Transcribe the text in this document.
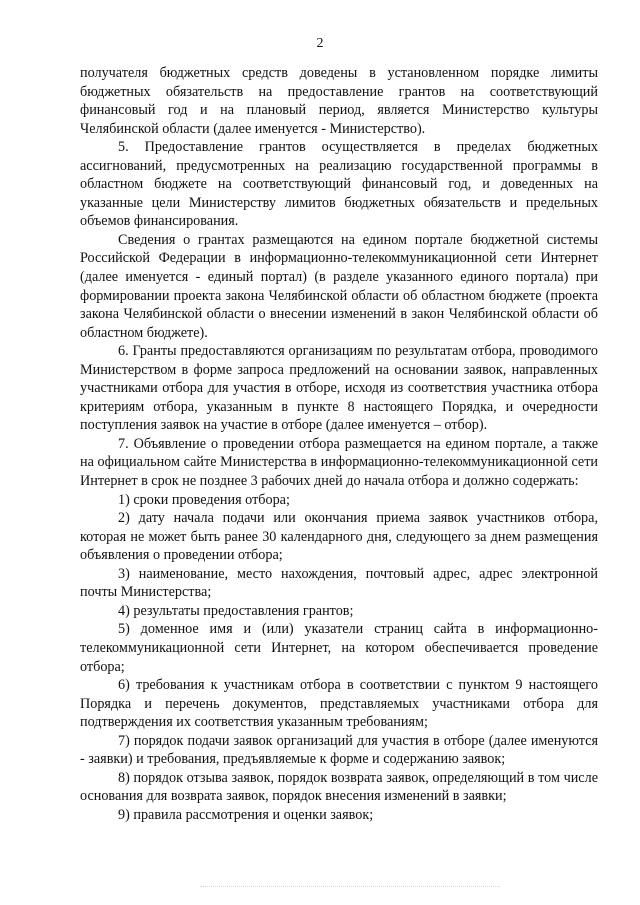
2

получателя бюджетных средств доведены в установленном порядке лимиты бюджетных обязательств на предоставление грантов на соответствующий финансовый год и на плановый период, является Министерство культуры Челябинской области (далее именуется - Министерство).

5. Предоставление грантов осуществляется в пределах бюджетных ассигнований, предусмотренных на реализацию государственной программы в областном бюджете на соответствующий финансовый год, и доведенных на указанные цели Министерству лимитов бюджетных обязательств и предельных объемов финансирования.

Сведения о грантах размещаются на едином портале бюджетной системы Российской Федерации в информационно-телекоммуникационной сети Интернет (далее именуется - единый портал) (в разделе указанного единого портала) при формировании проекта закона Челябинской области об областном бюджете (проекта закона Челябинской области о внесении изменений в закон Челябинской области об областном бюджете).

6. Гранты предоставляются организациям по результатам отбора, проводимого Министерством в форме запроса предложений на основании заявок, направленных участниками отбора для участия в отборе, исходя из соответствия участника отбора критериям отбора, указанным в пункте 8 настоящего Порядка, и очередности поступления заявок на участие в отборе (далее именуется – отбор).

7. Объявление о проведении отбора размещается на едином портале, а также на официальном сайте Министерства в информационно-телекоммуникационной сети Интернет в срок не позднее 3 рабочих дней до начала отбора и должно содержать:

1) сроки проведения отбора;

2) дату начала подачи или окончания приема заявок участников отбора, которая не может быть ранее 30 календарного дня, следующего за днем размещения объявления о проведении отбора;

3) наименование, место нахождения, почтовый адрес, адрес электронной почты Министерства;

4) результаты предоставления грантов;

5) доменное имя и (или) указатели страниц сайта в информационно-телекоммуникационной сети Интернет, на котором обеспечивается проведение отбора;

6) требования к участникам отбора в соответствии с пунктом 9 настоящего Порядка и перечень документов, представляемых участниками отбора для подтверждения их соответствия указанным требованиям;

7) порядок подачи заявок организаций для участия в отборе (далее именуются - заявки) и требования, предъявляемые к форме и содержанию заявок;

8) порядок отзыва заявок, порядок возврата заявок, определяющий в том числе основания для возврата заявок, порядок внесения изменений в заявки;

9) правила рассмотрения и оценки заявок;
